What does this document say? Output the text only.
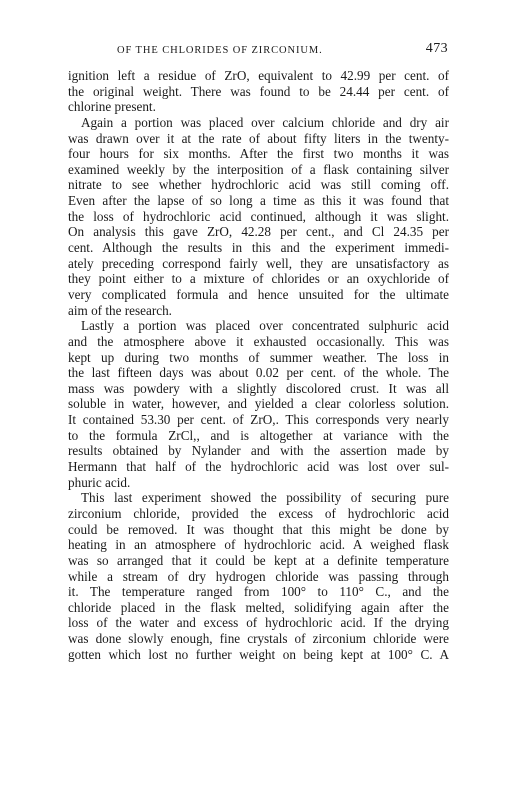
OF THE CHLORIDES OF ZIRCONIUM.	473
ignition left a residue of ZrO, equivalent to 42.99 per cent. of
the original weight. There was found to be 24.44 per cent. of
chlorine present.
Again a portion was placed over calcium chloride and dry air
was drawn over it at the rate of about fifty liters in the twenty-
four hours for six months. After the first two months it was
examined weekly by the interposition of a flask containing silver
nitrate to see whether hydrochloric acid was still coming off.
Even after the lapse of so long a time as this it was found that
the loss of hydrochloric acid continued, although it was slight.
On analysis this gave ZrO, 42.28 per cent., and Cl 24.35 per
cent. Although the results in this and the experiment immedi-
ately preceding correspond fairly well, they are unsatisfactory as
they point either to a mixture of chlorides or an oxychloride of
very complicated formula and hence unsuited for the ultimate
aim of the research.
Lastly a portion was placed over concentrated sulphuric acid
and the atmosphere above it exhausted occasionally. This was
kept up during two months of summer weather. The loss in
the last fifteen days was about 0.02 per cent. of the whole. The
mass was powdery with a slightly discolored crust. It was all
soluble in water, however, and yielded a clear colorless solution.
It contained 53.30 per cent. of ZrO,. This corresponds very nearly
to the formula ZrCl,, and is altogether at variance with the
results obtained by Nylander and with the assertion made by
Hermann that half of the hydrochloric acid was lost over sul-
phuric acid.
This last experiment showed the possibility of securing pure
zirconium chloride, provided the excess of hydrochloric acid
could be removed. It was thought that this might be done by
heating in an atmosphere of hydrochloric acid. A weighed flask
was so arranged that it could be kept at a definite temperature
while a stream of dry hydrogen chloride was passing through
it. The temperature ranged from 100° to 110° C., and the
chloride placed in the flask melted, solidifying again after the
loss of the water and excess of hydrochloric acid. If the drying
was done slowly enough, fine crystals of zirconium chloride were
gotten which lost no further weight on being kept at 100° C. A
